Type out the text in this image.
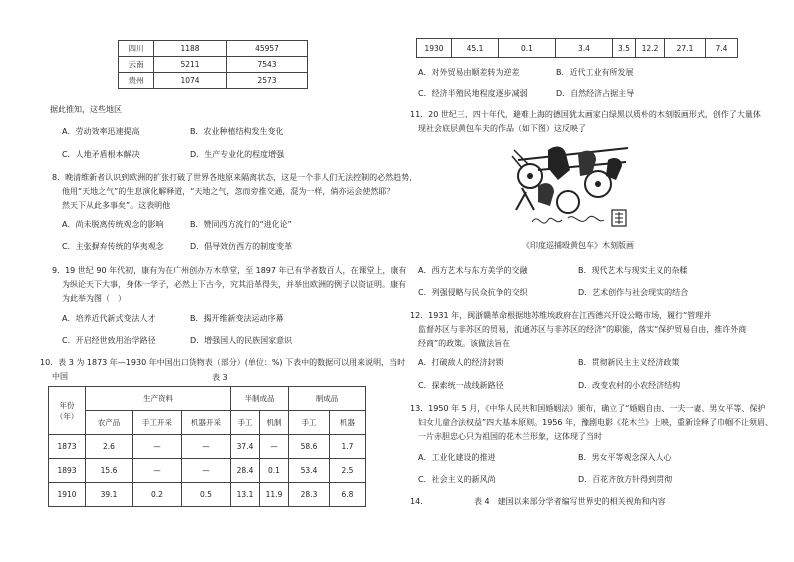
四川	1188	45957
云南	5211	7543
贵州	1074	2573
据此推知，这些地区
A．劳动效率迅速提高	B．农业种植结构发生变化
C．人地矛盾根本解决	D．生产专业化的程度增强
8．晚清维新者认识到欧洲的扩张打破了世界各地原来隔离状态，这是一个非人们无法控制的必然趋势，
他用“天地之气”的生息演化解释道，“天地之气，忽而旁推交通，混为一样，倘亦运会使然耶？
然天下从此多事矣”。这表明他
A．尚未脱离传统观念的影响	B．赞同西方流行的“进化论”
C．主张摒弃传统的华夷观念	D．倡导效仿西方的制度变革
9．19 世纪 90 年代初，康有为在广州创办万木草堂，至 1897 年已有学者数百人，在课堂上，康有
为纵论天下大事，身体一学子，必然上下古今，究其沿革得失，并举出欧洲的例子以资证明。康有
为此举为图（　）
A．培养近代新式变法人才	B．揭开维新变法运动序幕
C．开启经世致用治学路径	D．增强国人的民族国家意识
10．表 3 为 1873 年—1930 年中国出口货物表（部分）(单位：%) 下表中的数据可以用来说明，当时
中国	表 3
年份
（年）	生产资料			半制成品		制成品	
	农产品	手工开采	机器开采	手工	机制	手工	机器
1873	2.6	—	—	37.4	—	58.6	1.7
1893	15.6	—	—	28.4	0.1	53.4	2.5
1910	39.1	0.2	0.5	13.1	11.9	28.3	6.8
1930	45.1	0.1	3.4	3.5	12.2	27.1	7.4
A．对外贸易由顺差转为逆差	B．近代工业有所发展
C．经济半殖民地程度逐步减弱	D．自然经济占据主导
11．20 世纪三、四十年代，避难上海的德国犹太画家白绿黑以质朴的木刻版画形式，创作了大量体
现社会底层黄包车夫的作品（如下图）这反映了
《印度巡捕殴黄包车》木刻版画
A．西方艺术与东方美学的交融	B．现代艺术与现实主义的杂糅
C．列强侵略与民众抗争的交织	D．艺术创作与社会现实的结合
12．1931 年，闽浙赣革命根据地苏维埃政府在江西德兴开设公略市场，履行“管理并
监督苏区与非苏区的贸易，流通苏区与非苏区的经济”的职能，落实“保护贸易自由，推许外商
经商”的政策。该做法旨在
A．打破敌人的经济封锁	B．贯彻新民主主义经济政策
C．探索统一战线新路径	D．改变农村的小农经济结构
13．1950 年 5 月，《中华人民共和国婚姻法》颁布，确立了“婚姻自由、一夫一妻、男女平等、保护
妇女儿童合法权益”四大基本原则。1956 年，豫剧电影《花木兰》上映，重新诠释了巾帼不让须眉、
一片赤胆忠心只为祖国的花木兰形象，这体现了当时
A．工业化建设的推进	B．男女平等观念深入人心
C．社会主义的新风尚	D．百花齐放方针得到贯彻
14.	表 4　建国以来部分学者编写世界史的相关视角和内容
